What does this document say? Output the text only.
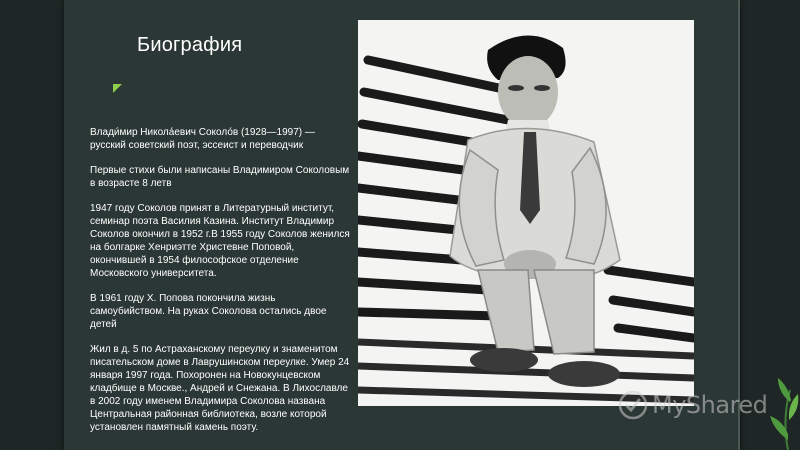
Биография

Влади́мир Никола́евич Соколо́в (1928—1997) — русский советский поэт, эссеист и переводчик

Первые стихи были написаны Владимиром Соколовым в возрасте 8 летв

1947 году Соколов принят в Литературный институт, семинар поэта Василия Казина. Институт Владимир Соколов окончил в 1952 г.В 1955 году Соколов женился на болгарке Хенриэтте Христевне Поповой, окончившей в 1954 философское отделение Московского университета.

В 1961 году Х. Попова покончила жизнь самоубийством. На руках Соколова остались двое детей

Жил в д. 5 по Астраханскому переулку и знаменитом писательском доме в Лаврушинском переулке. Умер 24 января 1997 года. Похоронен на Новокунцевском кладбище в Москве., Андрей и Снежана. В Лихославле в 2002 году именем Владимира Соколова названа Центральная районная библиотека, возле которой установлен памятный камень поэту.

MyShared
